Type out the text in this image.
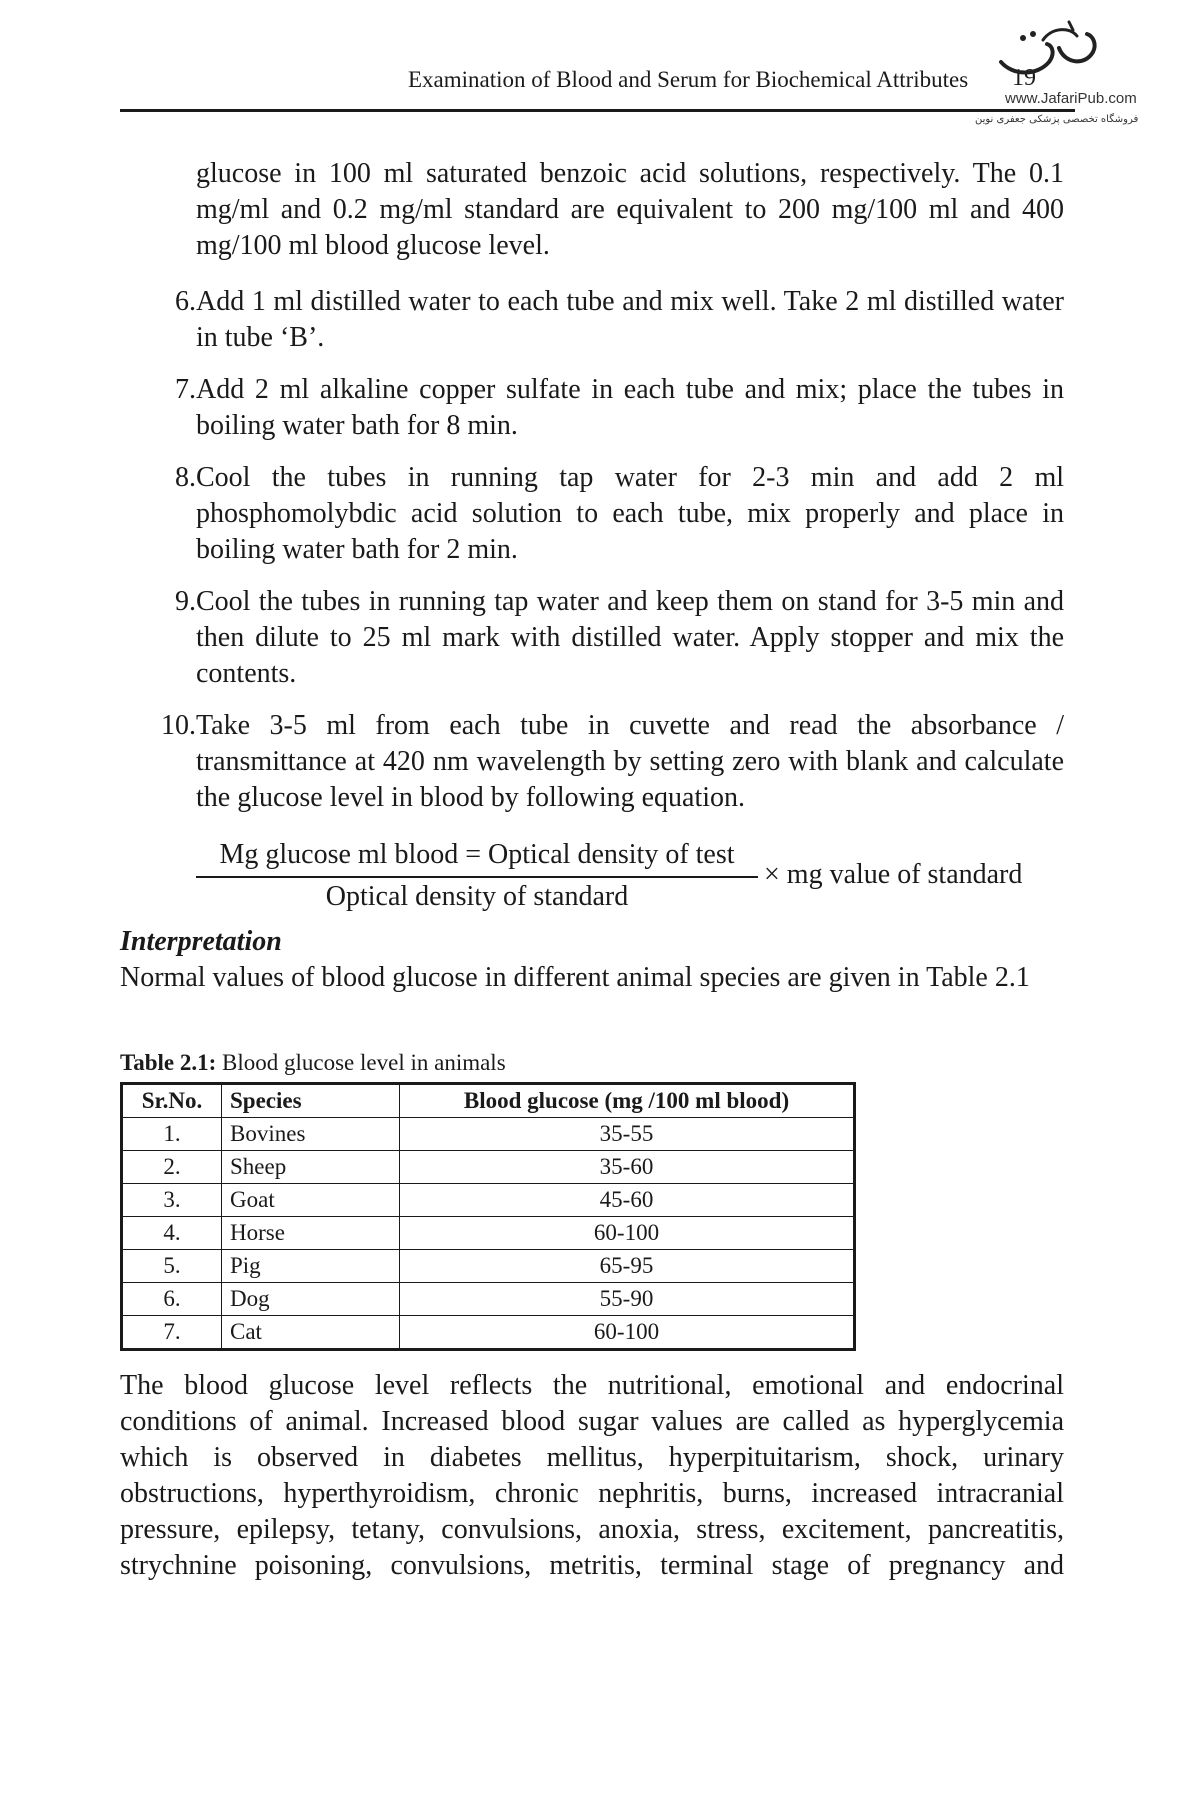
Examination of Blood and Serum for Biochemical Attributes 19
www.JafariPub.com
فروشگاه تخصصی پزشکی جعفری نوین
glucose in 100 ml saturated benzoic acid solutions, respectively. The 0.1 mg/ml and 0.2 mg/ml standard are equivalent to 200 mg/100 ml and 400 mg/100 ml blood glucose level.
6. Add 1 ml distilled water to each tube and mix well. Take 2 ml distilled water in tube ‘B’.
7. Add 2 ml alkaline copper sulfate in each tube and mix; place the tubes in boiling water bath for 8 min.
8. Cool the tubes in running tap water for 2-3 min and add 2 ml phosphomolybdic acid solution to each tube, mix properly and place in boiling water bath for 2 min.
9. Cool the tubes in running tap water and keep them on stand for 3-5 min and then dilute to 25 ml mark with distilled water. Apply stopper and mix the contents.
10. Take 3-5 ml from each tube in cuvette and read the absorbance / transmittance at 420 nm wavelength by setting zero with blank and calculate the glucose level in blood by following equation.
Mg glucose ml blood = Optical density of test
Optical density of standard
× mg value of standard
Interpretation
Normal values of blood glucose in different animal species are given in Table 2.1
Table 2.1: Blood glucose level in animals
Sr.No.	Species	Blood glucose (mg /100 ml blood)
1.	Bovines	35-55
2.	Sheep	35-60
3.	Goat	45-60
4.	Horse	60-100
5.	Pig	65-95
6.	Dog	55-90
7.	Cat	60-100
The blood glucose level reflects the nutritional, emotional and endocrinal conditions of animal. Increased blood sugar values are called as hyperglycemia which is observed in diabetes mellitus, hyperpituitarism, shock, urinary obstructions, hyperthyroidism, chronic nephritis, burns, increased intracranial pressure, epilepsy, tetany, convulsions, anoxia, stress, excitement, pancreatitis, strychnine poisoning, convulsions, metritis, terminal stage of pregnancy and
